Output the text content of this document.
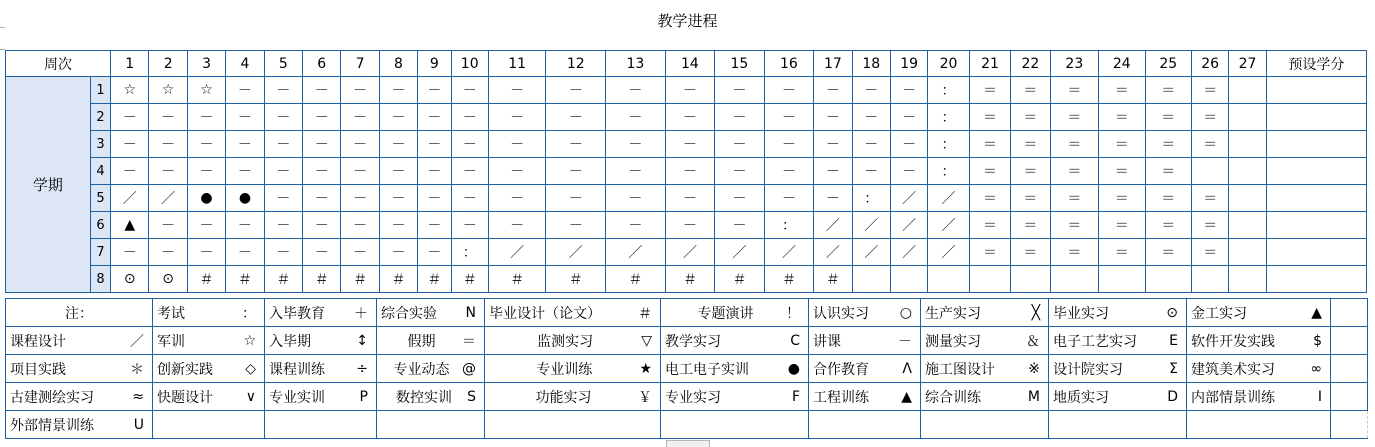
教学进程
周次		1	2	3	4	5	6	7	8	9	10	11	12	13	14	15	16	17	18	19	20	21	22	23	24	25	26	27	预设学分
学期	1	☆	☆	☆	－	－	－	－	－	－	－	－	－	－	－	－	－	－	－	－	：	＝	＝	＝	＝	＝	＝		
	2	－	－	－	－	－	－	－	－	－	－	－	－	－	－	－	－	－	－	－	：	＝	＝	＝	＝	＝	＝		
	3	－	－	－	－	－	－	－	－	－	－	－	－	－	－	－	－	－	－	－	：	＝	＝	＝	＝	＝	＝		
	4	－	－	－	－	－	－	－	－	－	－	－	－	－	－	－	－	－	－	－	：	＝	＝	＝	＝	＝			
	5	／	／	●	●	－	－	－	－	－	－	－	－	－	－	－	－	－	：	／	／	＝	＝	＝	＝	＝	＝		
	6	▲	－	－	－	－	－	－	－	－	－	－	－	－	－	－	：	／	／	／	／	＝	＝	＝	＝	＝	＝		
	7	－	－	－	－	－	－	－	－	－	：	／	／	／	／	／	／	／	／	／	／	＝	＝	＝	＝	＝	＝		
	8	⊙	⊙	＃	＃	＃	＃	＃	＃	＃	＃	＃	＃	＃	＃	＃	＃	＃											
注：	考试 ：	入毕教育 ＋	综合实验 N	毕业设计（论文） ＃	专题演讲 ！	认识实习 ○	生产实习 ╳	毕业实习 ⊙	金工实习 ▲	

课程设计 ／	军训 ☆	入毕期 ↕	假期 ＝	监测实习 ▽	教学实习 C	讲课 －	测量实习 ＆	电子工艺实习 E	软件开发实践 $	

项目实践 ＊	创新实践 ◇	课程训练 ÷	专业动态 @	专业训练 ★	电工电子实训 ●	合作教育 Λ	施工图设计 ※	设计院实习 Σ	建筑美术实习 ∞	

古建测绘实习 ≈	快题设计 ∨	专业实训 P	数控实训 S	功能实习 ￥	专业实习 F	工程训练 ▲	综合训练 M	地质实习 D	内部情景训练 I	

外部情景训练 U										
